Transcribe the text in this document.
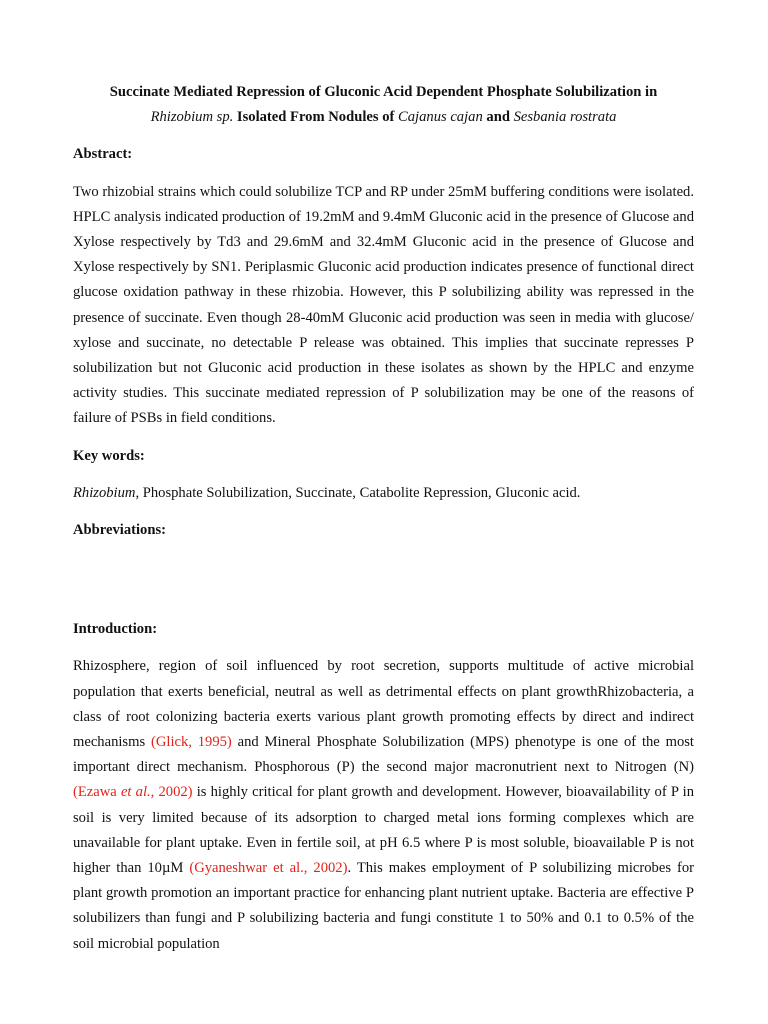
Succinate Mediated Repression of Gluconic Acid Dependent Phosphate Solubilization in
Rhizobium sp. Isolated From Nodules of Cajanus cajan and Sesbania rostrata

Abstract:

Two rhizobial strains which could solubilize TCP and RP under 25mM buffering conditions were isolated. HPLC analysis indicated production of 19.2mM and 9.4mM Gluconic acid in the presence of Glucose and Xylose respectively by Td3 and 29.6mM and 32.4mM Gluconic acid in the presence of Glucose and Xylose respectively by SN1. Periplasmic Gluconic acid production indicates presence of functional direct glucose oxidation pathway in these rhizobia. However, this P solubilizing ability was repressed in the presence of succinate. Even though 28-40mM Gluconic acid production was seen in media with glucose/ xylose and succinate, no detectable P release was obtained. This implies that succinate represses P solubilization but not Gluconic acid production in these isolates as shown by the HPLC and enzyme activity studies. This succinate mediated repression of P solubilization may be one of the reasons of failure of PSBs in field conditions.

Key words:

Rhizobium, Phosphate Solubilization, Succinate, Catabolite Repression, Gluconic acid.

Abbreviations:

Introduction:

Rhizosphere, region of soil influenced by root secretion, supports multitude of active microbial population that exerts beneficial, neutral as well as detrimental effects on plant growthRhizobacteria, a class of root colonizing bacteria exerts various plant growth promoting effects by direct and indirect mechanisms (Glick, 1995) and Mineral Phosphate Solubilization (MPS) phenotype is one of the most important direct mechanism. Phosphorous (P) the second major macronutrient next to Nitrogen (N) (Ezawa et al., 2002) is highly critical for plant growth and development. However, bioavailability of P in soil is very limited because of its adsorption to charged metal ions forming complexes which are unavailable for plant uptake. Even in fertile soil, at pH 6.5 where P is most soluble, bioavailable P is not higher than 10µM (Gyaneshwar et al., 2002). This makes employment of P solubilizing microbes for plant growth promotion an important practice for enhancing plant nutrient uptake. Bacteria are effective P solubilizers than fungi and P solubilizing bacteria and fungi constitute 1 to 50% and 0.1 to 0.5% of the soil microbial population
